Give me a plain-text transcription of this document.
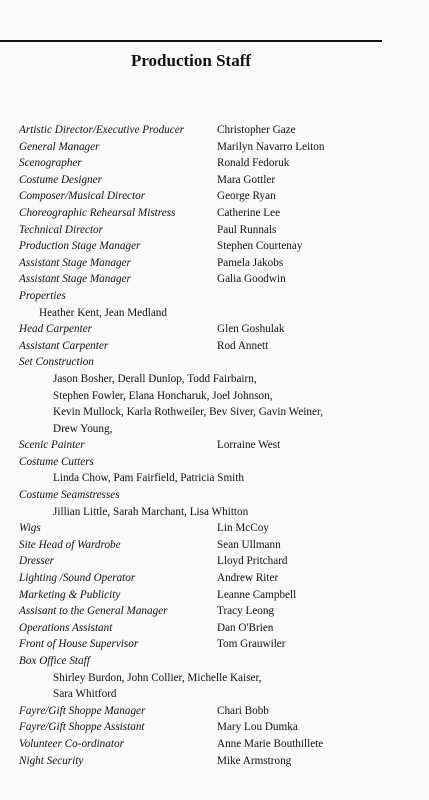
Production Staff
Artistic Director/Executive Producer	Christopher Gaze
General Manager	Marilyn Navarro Leiton
Scenographer	Ronald Fedoruk
Costume Designer	Mara Gottler
Composer/Musical Director	George Ryan
Choreographic Rehearsal Mistress	Catherine Lee
Technical Director	Paul Runnals
Production Stage Manager	Stephen Courtenay
Assistant Stage Manager	Pamela Jakobs
Assistant Stage Manager	Galia Goodwin
Properties
Heather Kent, Jean Medland
Head Carpenter	Glen Goshulak
Assistant Carpenter	Rod Annett
Set Construction
Jason Bosher, Derall Dunlop, Todd Fairbairn,
Stephen Fowler, Elana Honcharuk, Joel Johnson,
Kevin Mullock, Karla Rothweiler, Bev Siver, Gavin Weiner,
Drew Young,
Scenic Painter	Lorraine West
Costume Cutters
Linda Chow, Pam Fairfield, Patricia Smith
Costume Seamstresses
Jillian Little, Sarah Marchant, Lisa Whitton
Wigs	Lin McCoy
Site Head of Wardrobe	Sean Ullmann
Dresser	Lloyd Pritchard
Lighting /Sound Operator	Andrew Riter
Marketing & Publicity	Leanne Campbell
Assisant to the General Manager	Tracy Leong
Operations Assistant	Dan O'Brien
Front of House Supervisor	Tom Grauwiler
Box Office Staff
Shirley Burdon, John Collier, Michelle Kaiser,
Sara Whitford
Fayre/Gift Shoppe Manager	Chari Bobb
Fayre/Gift Shoppe Assistant	Mary Lou Dumka
Volunteer Co-ordinator	Anne Marie Bouthillete
Night Security	Mike Armstrong
